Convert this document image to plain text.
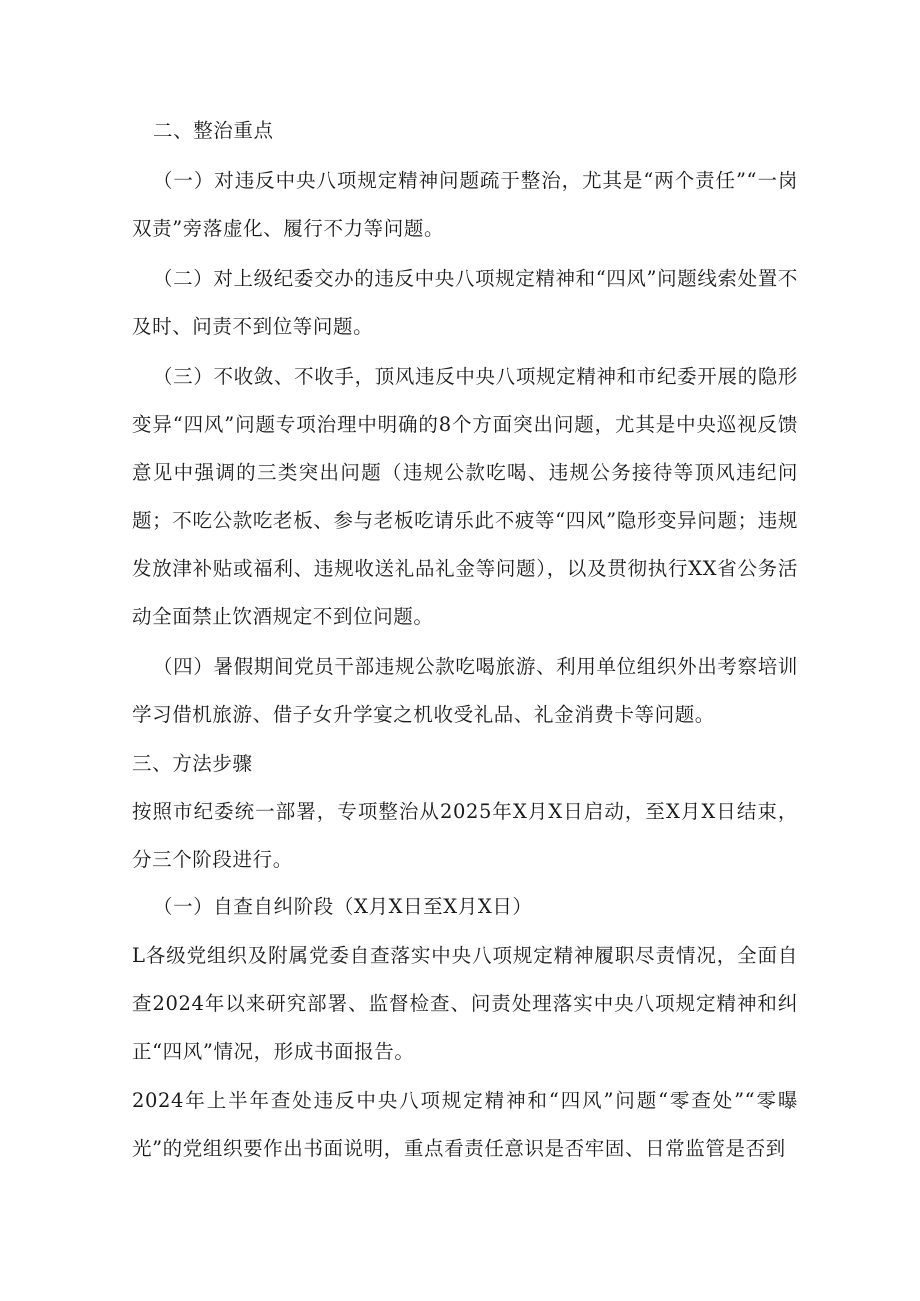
二、整治重点

（一）对违反中央八项规定精神问题疏于整治，尤其是“两个责任”“一岗双责”旁落虚化、履行不力等问题。

（二）对上级纪委交办的违反中央八项规定精神和“四风”问题线索处置不及时、问责不到位等问题。

（三）不收敛、不收手，顶风违反中央八项规定精神和市纪委开展的隐形变异“四风”问题专项治理中明确的8个方面突出问题，尤其是中央巡视反馈意见中强调的三类突出问题（违规公款吃喝、违规公务接待等顶风违纪问题；不吃公款吃老板、参与老板吃请乐此不疲等“四风”隐形变异问题；违规发放津补贴或福利、违规收送礼品礼金等问题），以及贯彻执行XX省公务活动全面禁止饮酒规定不到位问题。

（四）暑假期间党员干部违规公款吃喝旅游、利用单位组织外出考察培训学习借机旅游、借子女升学宴之机收受礼品、礼金消费卡等问题。

三、方法步骤

按照市纪委统一部署，专项整治从2025年X月X日启动，至X月X日结束，分三个阶段进行。

（一）自查自纠阶段（X月X日至X月X日）

L各级党组织及附属党委自查落实中央八项规定精神履职尽责情况，全面自查2024年以来研究部署、监督检查、问责处理落实中央八项规定精神和纠正“四风”情况，形成书面报告。

2024年上半年查处违反中央八项规定精神和“四风”问题“零查处”“零曝光”的党组织要作出书面说明，重点看责任意识是否牢固、日常监管是否到
